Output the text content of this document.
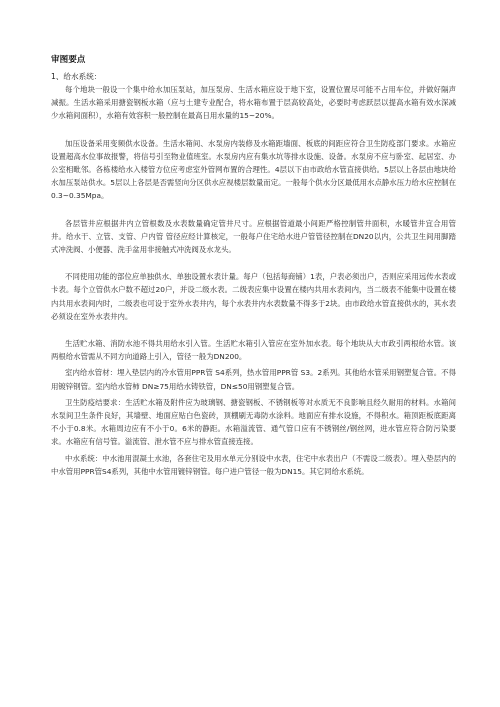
审图要点

1、给水系统：

每个地块一般设一个集中给水加压泵站，加压泵房、生活水箱应设于地下室，设置位置尽可能不占用车位，并做好隔声减振。生活水箱采用搪瓷钢板水箱（应与土建专业配合，将水箱布置于层高较高处，必要时考虑跃层以提高水箱有效水深减少水箱间面积），水箱有效容积一般控制在最高日用水量的15~20%。

加压设备采用变频供水设备。生活水箱间、水泵房内装修及水箱距墙面、板底的间距应符合卫生防疫部门要求。水箱应设置超高水位事故报警，将信号引至物业值班室。水泵房内应有集水坑等排水设施、设备。水泵房不应与卧室、起居室、办公室相毗邻。各栋楼给水入楼管方位应考虑室外管网布置的合理性。4层以下由市政给水管直接供给。5层以上各层由地块给水加压泵站供水。5层以上各层是否需竖向分区供水应视楼层数量而定。一般每个供水分区最低用水点静水压力给水应控制在0.3~0.35Mpa。

各层管井应根据井内立管根数及水表数量确定管井尺寸。应根据管道最小间距严格控制管井面积，水暖管井宜合用管井。给水干、立管、支管、户内管 管径应经计算核定，一般每户住宅给水进户管管径控制在DN20以内，公共卫生间用脚踏式冲洗阀、小便器、洗手盆用非接触式冲洗阀及水龙头。

不同使用功能的部位应单独供水、单独设置水表计量。每户（包括每商铺）1表，户表必须出户，否则应采用远传水表或卡表。每个立管供水户数不超过20户，并设二级水表。二级表应集中设置在楼内共用水表间内，当二级表不能集中设置在楼内共用水表间内时，二级表也可设于室外水表井内，每个水表井内水表数量不得多于2块。由市政给水管直接供水的，其水表必须设在室外水表井内。

生活贮水箱、消防水池不得共用给水引入管。生活贮水箱引入管应在室外加水表。每个地块从大市政引两根给水管。该两根给水管需从不同方向道路上引入，管径一般为DN200。

室内给水管材：埋入垫层内的冷水管用PPR管 S4系列，热水管用PPR管 S3。2系列。其他给水管采用钢塑复合管。不得用镀锌钢管。室内给水管柿 DN≥75用给水铸铁管，DN≤50用钢塑复合管。

卫生防疫结要求：生活贮水箱及附件应为玻璃钢、搪瓷钢板、不锈钢板等对水质无不良影响且经久耐用的材料。水箱间水泵间卫生条件良好，其墙壁、地面应贴白色瓷砖，顶棚刷无毒防水涂料。地面应有排水设施，不得积水。箱顶距板底距离不小于0.8米。水箱周边应有不小于0。6米的静距。水箱溢流管、通气管口应有不锈钢丝/钢丝网，进水管应符合防污染要求。水箱应有信号管。溢流管、泄水管不应与排水管直接连接。

中水系统：中水池用混凝土水池，各套住宅及用水单元分别设中水表，住宅中水表出户（不需设二级表）。埋入垫层内的中水管用PPR管S4系列，其他中水管用镀锌钢管。每户进户管径一般为DN15。其它同给水系统。
